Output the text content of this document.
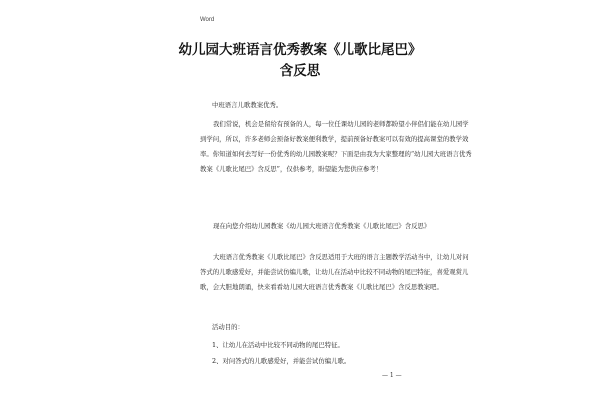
Word
幼儿园大班语言优秀教案《儿歌比尾巴》
含反思
中班语言儿歌教案优秀。
我们常说，机会是留给有预备的人，每一位任课幼儿园的老师都盼望小伴侣们能在幼儿园学到学问，所以，许多老师会预备好教案便利教学，提前预备好教案可以有效的提高课堂的教学效率。你知道如何去写好一份优秀的幼儿园教案呢？下面是由我为大家整理的“幼儿园大班语言优秀教案《儿歌比尾巴》含反思”，仅供参考，盼望能为您供应参考！
现在向您介绍幼儿园教案《幼儿园大班语言优秀教案《儿歌比尾巴》含反思》
大班语言优秀教案《儿歌比尾巴》含反思适用于大班的语言主题教学活动当中，让幼儿对问答式的儿歌感爱好，并能尝试仿编儿歌，让幼儿在活动中比较不同动物的尾巴特征，喜爱观赏儿歌，会大胆地朗诵，快来看看幼儿园大班语言优秀教案《儿歌比尾巴》含反思教案吧。
活动目的：
1、让幼儿在活动中比较不同动物的尾巴特征。
2、对问答式的儿歌感爱好，并能尝试仿编儿歌。
— 1 —
